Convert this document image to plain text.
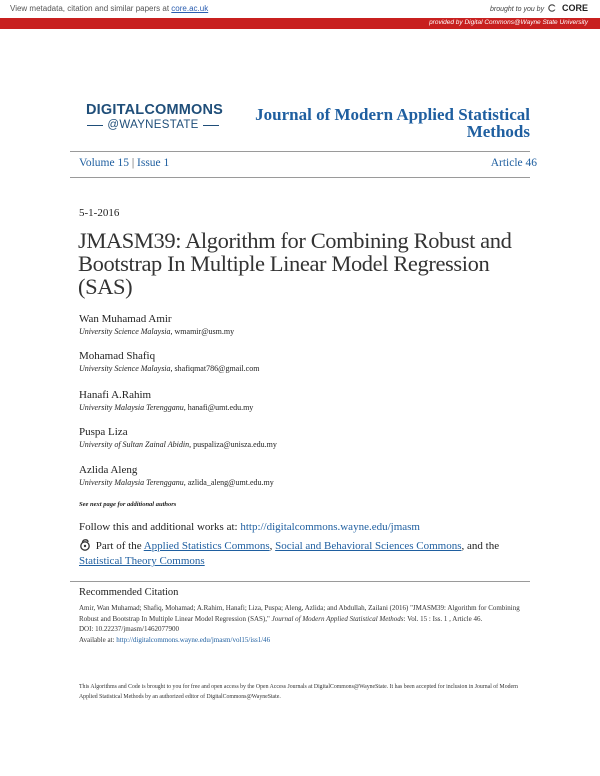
View metadata, citation and similar papers at core.ac.uk	brought to you by CORE
provided by Digital Commons@Wayne State University
DIGITALCOMMONS
@WAYNESTATE
Journal of Modern Applied Statistical Methods
Volume 15 | Issue 1	Article 46
5-1-2016
JMASM39: Algorithm for Combining Robust and Bootstrap In Multiple Linear Model Regression (SAS)
Wan Muhamad Amir
University Science Malaysia, wmamir@usm.my
Mohamad Shafiq
University Science Malaysia, shafiqmat786@gmail.com
Hanafi A.Rahim
University Malaysia Terengganu, hanafi@umt.edu.my
Puspa Liza
University of Sultan Zainal Abidin, puspaliza@unisza.edu.my
Azlida Aleng
University Malaysia Terengganu, azlida_aleng@umt.edu.my
See next page for additional authors
Follow this and additional works at: http://digitalcommons.wayne.edu/jmasm
Part of the Applied Statistics Commons, Social and Behavioral Sciences Commons, and the Statistical Theory Commons
Recommended Citation
Amir, Wan Muhamad; Shafiq, Mohamad; A.Rahim, Hanafi; Liza, Puspa; Aleng, Azlida; and Abdullah, Zailani (2016) "JMASM39: Algorithm for Combining Robust and Bootstrap In Multiple Linear Model Regression (SAS)," Journal of Modern Applied Statistical Methods: Vol. 15 : Iss. 1 , Article 46.
DOI: 10.22237/jmasm/1462077900
Available at: http://digitalcommons.wayne.edu/jmasm/vol15/iss1/46
This Algorithms and Code is brought to you for free and open access by the Open Access Journals at DigitalCommons@WayneState. It has been accepted for inclusion in Journal of Modern Applied Statistical Methods by an authorized editor of DigitalCommons@WayneState.
